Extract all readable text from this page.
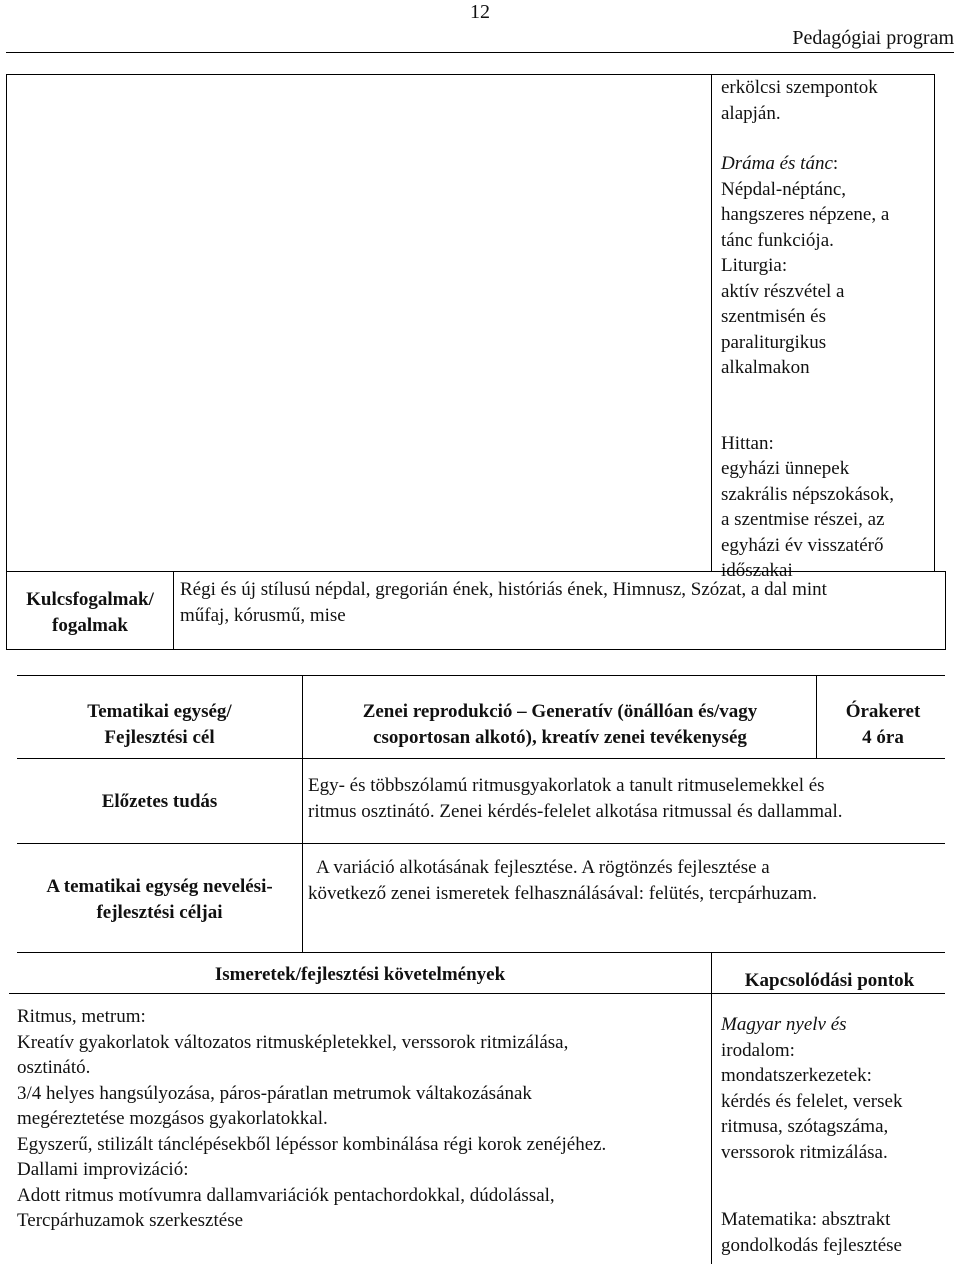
12
Pedagógiai program
erkölcsi szempontok
alapján.
Dráma és tánc:
Népdal-néptánc,
hangszeres népzene, a
tánc funkciója.
Liturgia:
aktív részvétel a
szentmisén és
paraliturgikus
alkalmakon
Hittan:
egyházi ünnepek
szakrális népszokások,
a szentmise részei, az
egyházi év visszatérő
időszakai
Kulcsfogalmak/
fogalmak
Régi és új stílusú népdal, gregorián ének, históriás ének, Himnusz, Szózat, a dal mint
műfaj, kórusmű, mise
Tematikai egység/
Fejlesztési cél
Zenei reprodukció – Generatív (önállóan és/vagy
csoportosan alkotó), kreatív zenei tevékenység
Órakeret
4 óra
Előzetes tudás
Egy- és többszólamú ritmusgyakorlatok a tanult ritmuselemekkel és
ritmus osztinátó. Zenei kérdés-felelet alkotása ritmussal és dallammal.
A tematikai egység nevelési-
fejlesztési céljai
A variáció alkotásának fejlesztése. A rögtönzés fejlesztése a
következő zenei ismeretek felhasználásával: felütés, tercpárhuzam.
Ismeretek/fejlesztési követelmények	Kapcsolódási pontok
Ritmus, metrum:
Kreatív gyakorlatok változatos ritmusképletekkel, verssorok ritmizálása,
osztinátó.
3/4 helyes hangsúlyozása, páros-páratlan metrumok váltakozásának
megéreztetése mozgásos gyakorlatokkal.
Egyszerű, stilizált tánclépésekből lépéssor kombinálása régi korok zenéjéhez.
Dallami improvizáció:
Adott ritmus motívumra dallamvariációk pentachordokkal, dúdolással,
Tercpárhuzamok szerkesztése
Magyar nyelv és
irodalom:
mondatszerkezetek:
kérdés és felelet, versek
ritmusa, szótagszáma,
verssorok ritmizálása.
Matematika: absztrakt
gondolkodás fejlesztése
